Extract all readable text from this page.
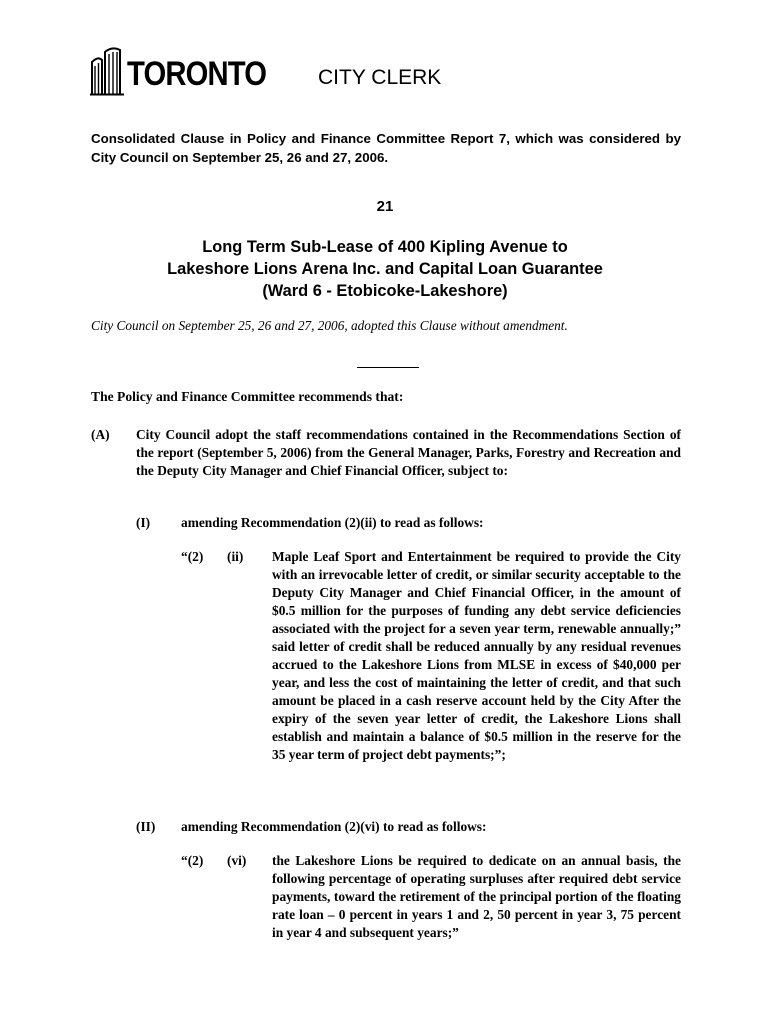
TORONTO CITY CLERK
Consolidated Clause in Policy and Finance Committee Report 7, which was considered by City Council on September 25, 26 and 27, 2006.
21
Long Term Sub-Lease of 400 Kipling Avenue to
Lakeshore Lions Arena Inc. and Capital Loan Guarantee
(Ward 6 - Etobicoke-Lakeshore)
City Council on September 25, 26 and 27, 2006, adopted this Clause without amendment.
The Policy and Finance Committee recommends that:
(A) City Council adopt the staff recommendations contained in the Recommendations Section of the report (September 5, 2006) from the General Manager, Parks, Forestry and Recreation and the Deputy City Manager and Chief Financial Officer, subject to:
(I) amending Recommendation (2)(ii) to read as follows:
“(2) (ii) Maple Leaf Sport and Entertainment be required to provide the City with an irrevocable letter of credit, or similar security acceptable to the Deputy City Manager and Chief Financial Officer, in the amount of $0.5 million for the purposes of funding any debt service deficiencies associated with the project for a seven year term, renewable annually;” said letter of credit shall be reduced annually by any residual revenues accrued to the Lakeshore Lions from MLSE in excess of $40,000 per year, and less the cost of maintaining the letter of credit, and that such amount be placed in a cash reserve account held by the City After the expiry of the seven year letter of credit, the Lakeshore Lions shall establish and maintain a balance of $0.5 million in the reserve for the 35 year term of project debt payments;”;
(II) amending Recommendation (2)(vi) to read as follows:
“(2) (vi) the Lakeshore Lions be required to dedicate on an annual basis, the following percentage of operating surpluses after required debt service payments, toward the retirement of the principal portion of the floating rate loan – 0 percent in years 1 and 2, 50 percent in year 3, 75 percent in year 4 and subsequent years;”
